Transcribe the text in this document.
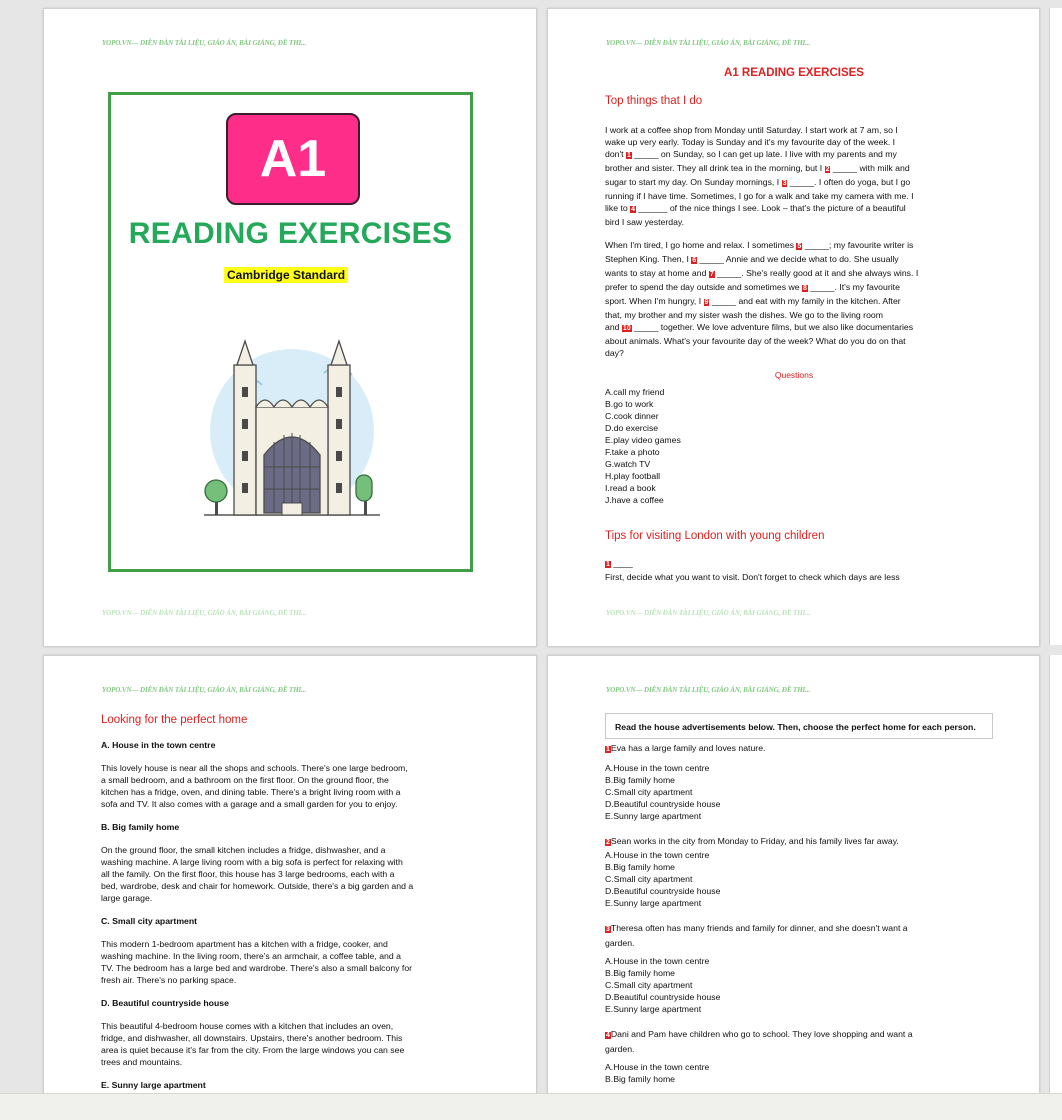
YOPO.VN— DIỄN ĐÀN TÀI LIỆU, GIÁO ÁN, BÀI GIẢNG, ĐỀ THI...
A1
READING EXERCISES
Cambridge Standard
YOPO.VN— DIỄN ĐÀN TÀI LIỆU, GIÁO ÁN, BÀI GIẢNG, ĐỀ THI...
YOPO.VN— DIỄN ĐÀN TÀI LIỆU, GIÁO ÁN, BÀI GIẢNG, ĐỀ THI...
A1 READING EXERCISES
Top things that I do
I work at a coffee shop from Monday until Saturday. I start work at 7 am, so I
wake up very early. Today is Sunday and it's my favourite day of the week. I
don't 1 _____ on Sunday, so I can get up late. I live with my parents and my
brother and sister. They all drink tea in the morning, but I 2 _____ with milk and
sugar to start my day. On Sunday mornings, I 3 _____. I often do yoga, but I go
running if I have time. Sometimes, I go for a walk and take my camera with me. I
like to 4 ______ of the nice things I see. Look – that's the picture of a beautiful
bird I saw yesterday.
When I'm tired, I go home and relax. I sometimes 5 _____; my favourite writer is
Stephen King. Then, I 6 _____ Annie and we decide what to do. She usually
wants to stay at home and 7 _____. She's really good at it and she always wins. I
prefer to spend the day outside and sometimes we 8 _____. It's my favourite
sport. When I'm hungry, I 9 _____ and eat with my family in the kitchen. After
that, my brother and my sister wash the dishes. We go to the living room
and 10 _____ together. We love adventure films, but we also like documentaries
about animals. What's your favourite day of the week? What do you do on that
day?
Questions
A.call my friend
B.go to work
C.cook dinner
D.do exercise
E.play video games
F.take a photo
G.watch TV
H.play football
I.read a book
J.have a coffee
Tips for visiting London with young children
1 ____
First, decide what you want to visit. Don't forget to check which days are less
YOPO.VN— DIỄN ĐÀN TÀI LIỆU, GIÁO ÁN, BÀI GIẢNG, ĐỀ THI...
YOPO.VN— DIỄN ĐÀN TÀI LIỆU, GIÁO ÁN, BÀI GIẢNG, ĐỀ THI...
Looking for the perfect home
A. House in the town centre
This lovely house is near all the shops and schools. There's one large bedroom,
a small bedroom, and a bathroom on the first floor. On the ground floor, the
kitchen has a fridge, oven, and dining table. There's a bright living room with a
sofa and TV. It also comes with a garage and a small garden for you to enjoy.
B. Big family home
On the ground floor, the small kitchen includes a fridge, dishwasher, and a
washing machine. A large living room with a big sofa is perfect for relaxing with
all the family. On the first floor, this house has 3 large bedrooms, each with a
bed, wardrobe, desk and chair for homework. Outside, there's a big garden and a
large garage.
C. Small city apartment
This modern 1-bedroom apartment has a kitchen with a fridge, cooker, and
washing machine. In the living room, there's an armchair, a coffee table, and a
TV. The bedroom has a large bed and wardrobe. There's also a small balcony for
fresh air. There's no parking space.
D. Beautiful countryside house
This beautiful 4-bedroom house comes with a kitchen that includes an oven,
fridge, and dishwasher, all downstairs. Upstairs, there's another bedroom. This
area is quiet because it's far from the city. From the large windows you can see
trees and mountains.
E. Sunny large apartment
YOPO.VN— DIỄN ĐÀN TÀI LIỆU, GIÁO ÁN, BÀI GIẢNG, ĐỀ THI...
Read the house advertisements below. Then, choose the perfect home for each person.
1Eva has a large family and loves nature.
A.House in the town centre
B.Big family home
C.Small city apartment
D.Beautiful countryside house
E.Sunny large apartment
2Sean works in the city from Monday to Friday, and his family lives far away.
A.House in the town centre
B.Big family home
C.Small city apartment
D.Beautiful countryside house
E.Sunny large apartment
3Theresa often has many friends and family for dinner, and she doesn't want a
garden.
A.House in the town centre
B.Big family home
C.Small city apartment
D.Beautiful countryside house
E.Sunny large apartment
4Dani and Pam have children who go to school. They love shopping and want a
garden.
A.House in the town centre
B.Big family home
